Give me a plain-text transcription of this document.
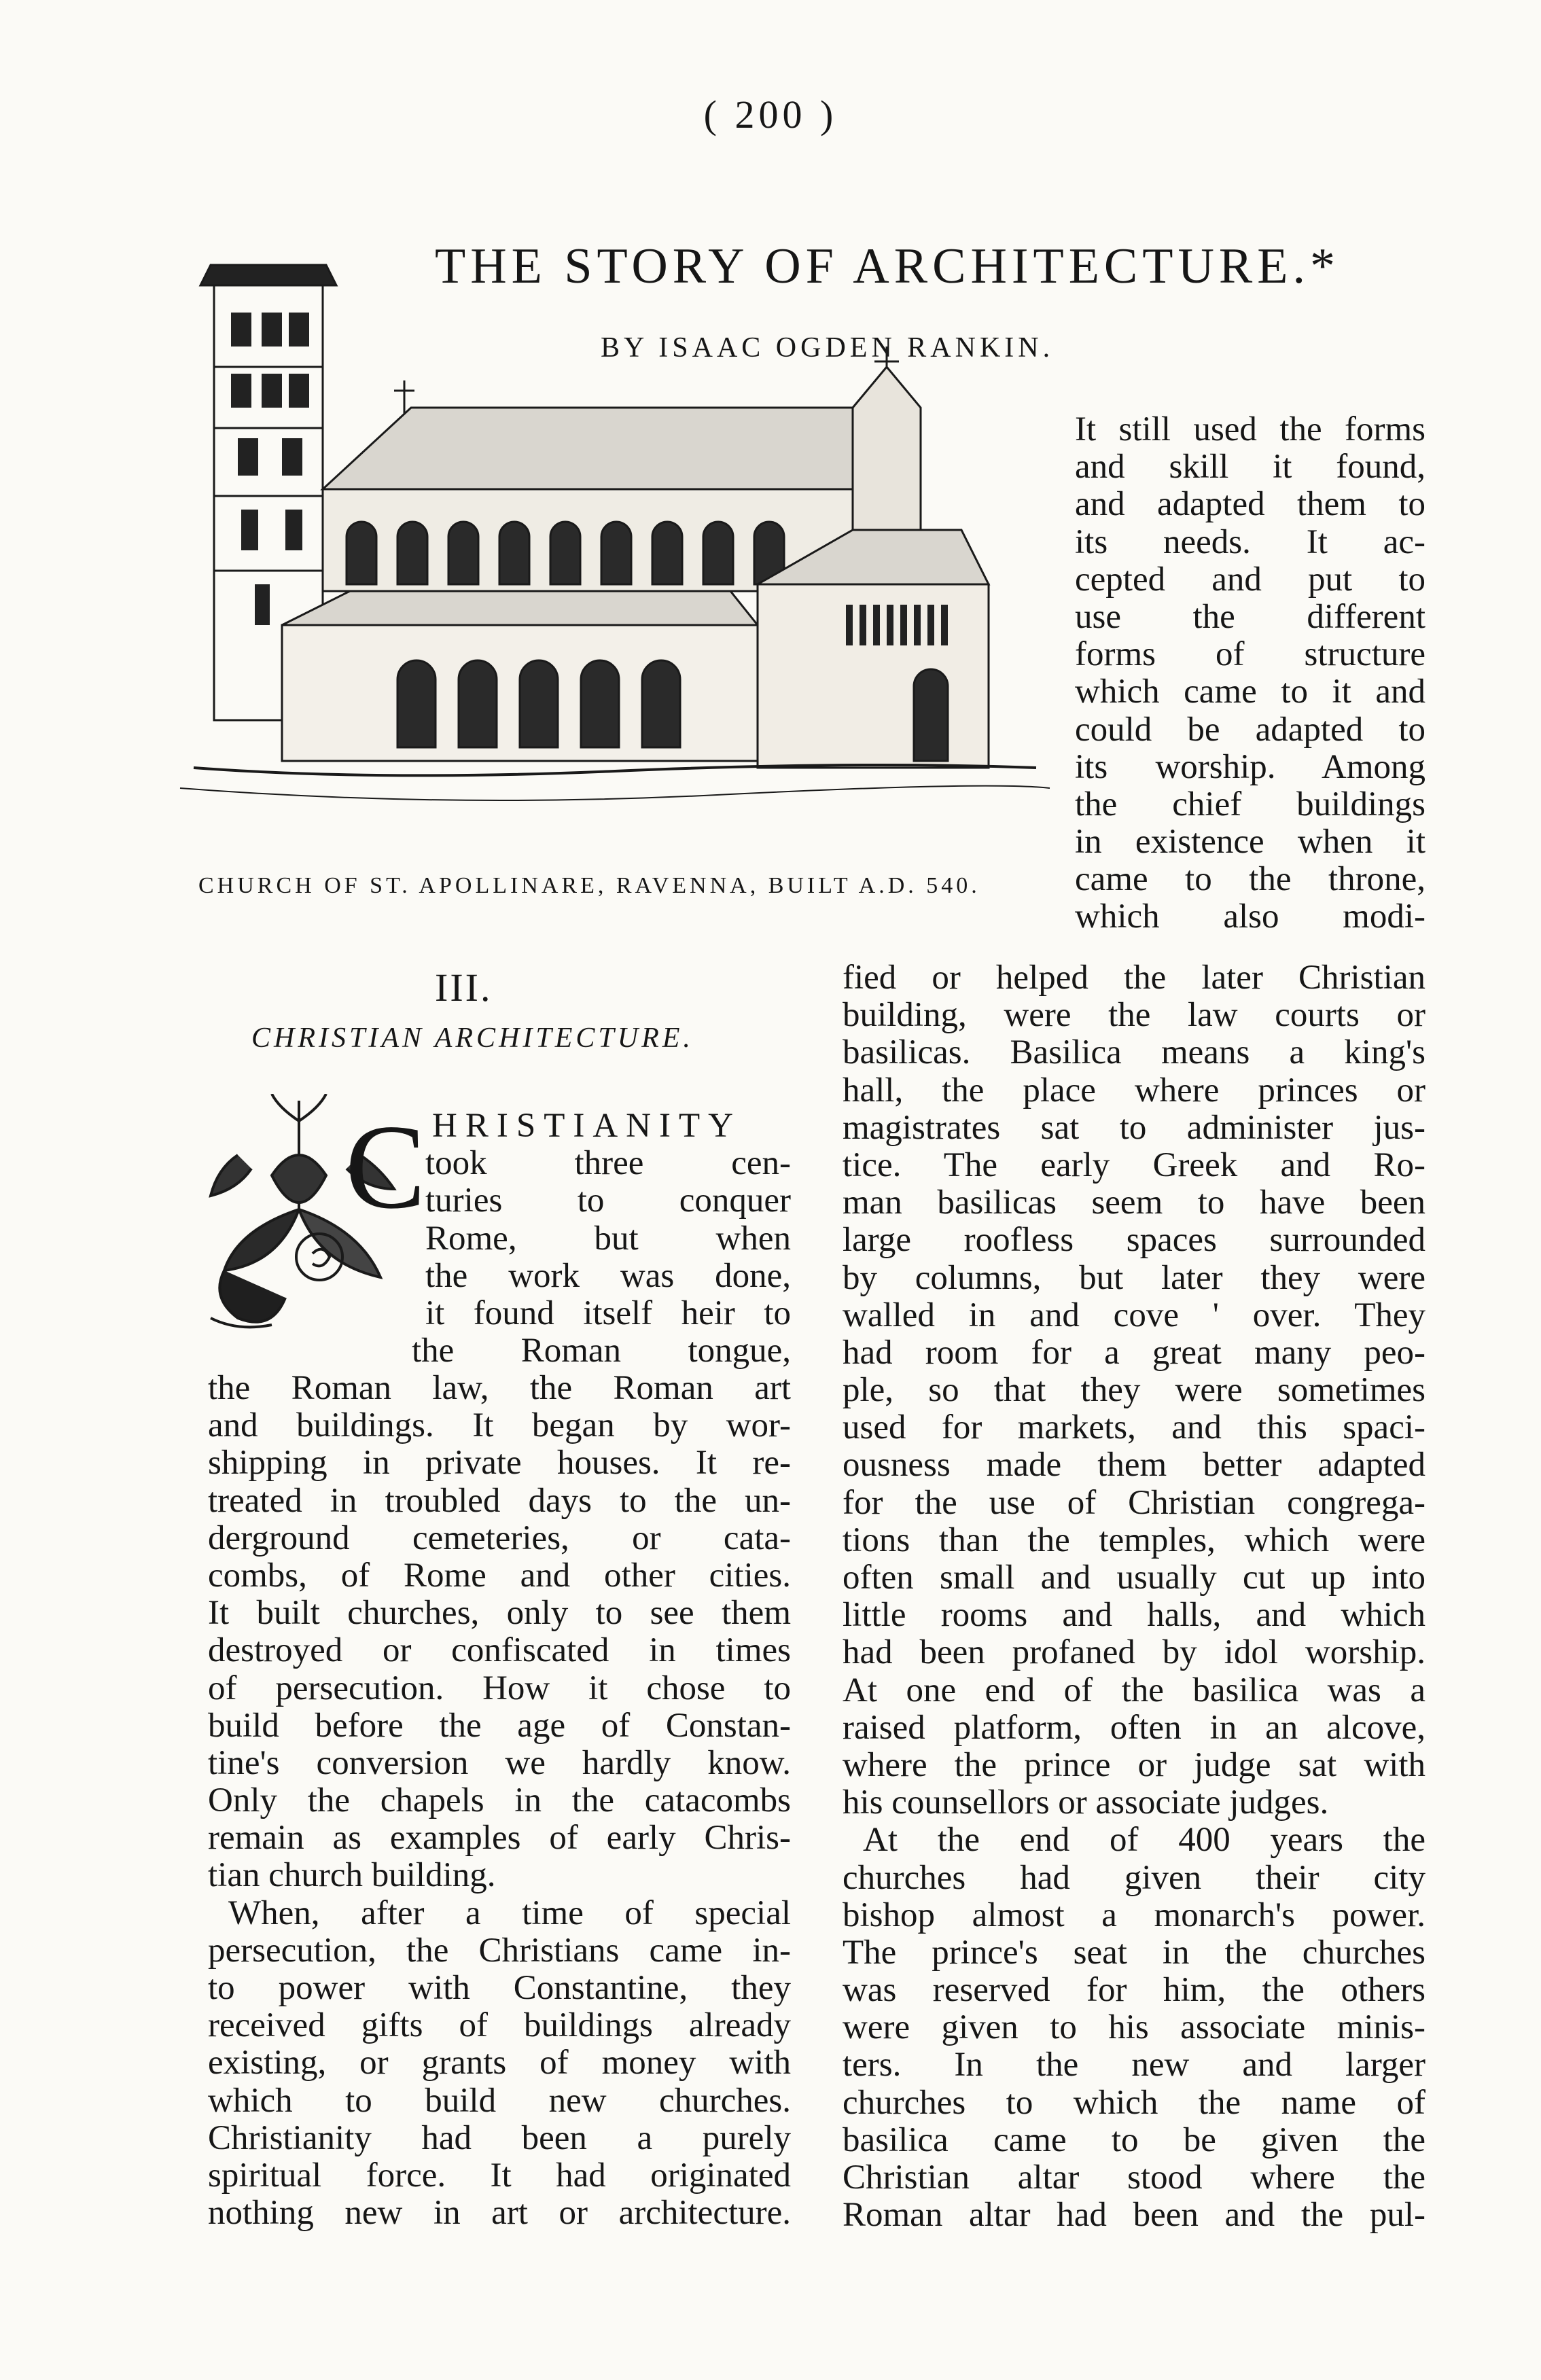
( 200 )
THE STORY OF ARCHITECTURE.*
BY ISAAC OGDEN RANKIN.
CHURCH OF ST. APOLLINARE, RAVENNA, BUILT A.D. 540.
It still used the forms
and skill it found,
and adapted them to
its needs. It ac-
cepted and put to
use the different
forms of structure
which came to it and
could be adapted to
its worship. Among
the chief buildings
in existence when it
came to the throne,
which also modi-
III.
CHRISTIAN ARCHITECTURE.
C HRISTIANITY
took three cen-
turies to conquer
Rome, but when
the work was done,
it found itself heir to
the Roman tongue,
the Roman law, the Roman art
and buildings. It began by wor-
shipping in private houses. It re-
treated in troubled days to the un-
derground cemeteries, or cata-
combs, of Rome and other cities.
It built churches, only to see them
destroyed or confiscated in times
of persecution. How it chose to
build before the age of Constan-
tine's conversion we hardly know.
Only the chapels in the catacombs
remain as examples of early Chris-
tian church building.
When, after a time of special
persecution, the Christians came in-
to power with Constantine, they
received gifts of buildings already
existing, or grants of money with
which to build new churches.
Christianity had been a purely
spiritual force. It had originated
nothing new in art or architecture.
fied or helped the later Christian
building, were the law courts or
basilicas. Basilica means a king's
hall, the place where princes or
magistrates sat to administer jus-
tice. The early Greek and Ro-
man basilicas seem to have been
large roofless spaces surrounded
by columns, but later they were
walled in and cove ' over. They
had room for a great many peo-
ple, so that they were sometimes
used for markets, and this spaci-
ousness made them better adapted
for the use of Christian congrega-
tions than the temples, which were
often small and usually cut up into
little rooms and halls, and which
had been profaned by idol worship.
At one end of the basilica was a
raised platform, often in an alcove,
where the prince or judge sat with
his counsellors or associate judges.
At the end of 400 years the
churches had given their city
bishop almost a monarch's power.
The prince's seat in the churches
was reserved for him, the others
were given to his associate minis-
ters. In the new and larger
churches to which the name of
basilica came to be given the
Christian altar stood where the
Roman altar had been and the pul-
